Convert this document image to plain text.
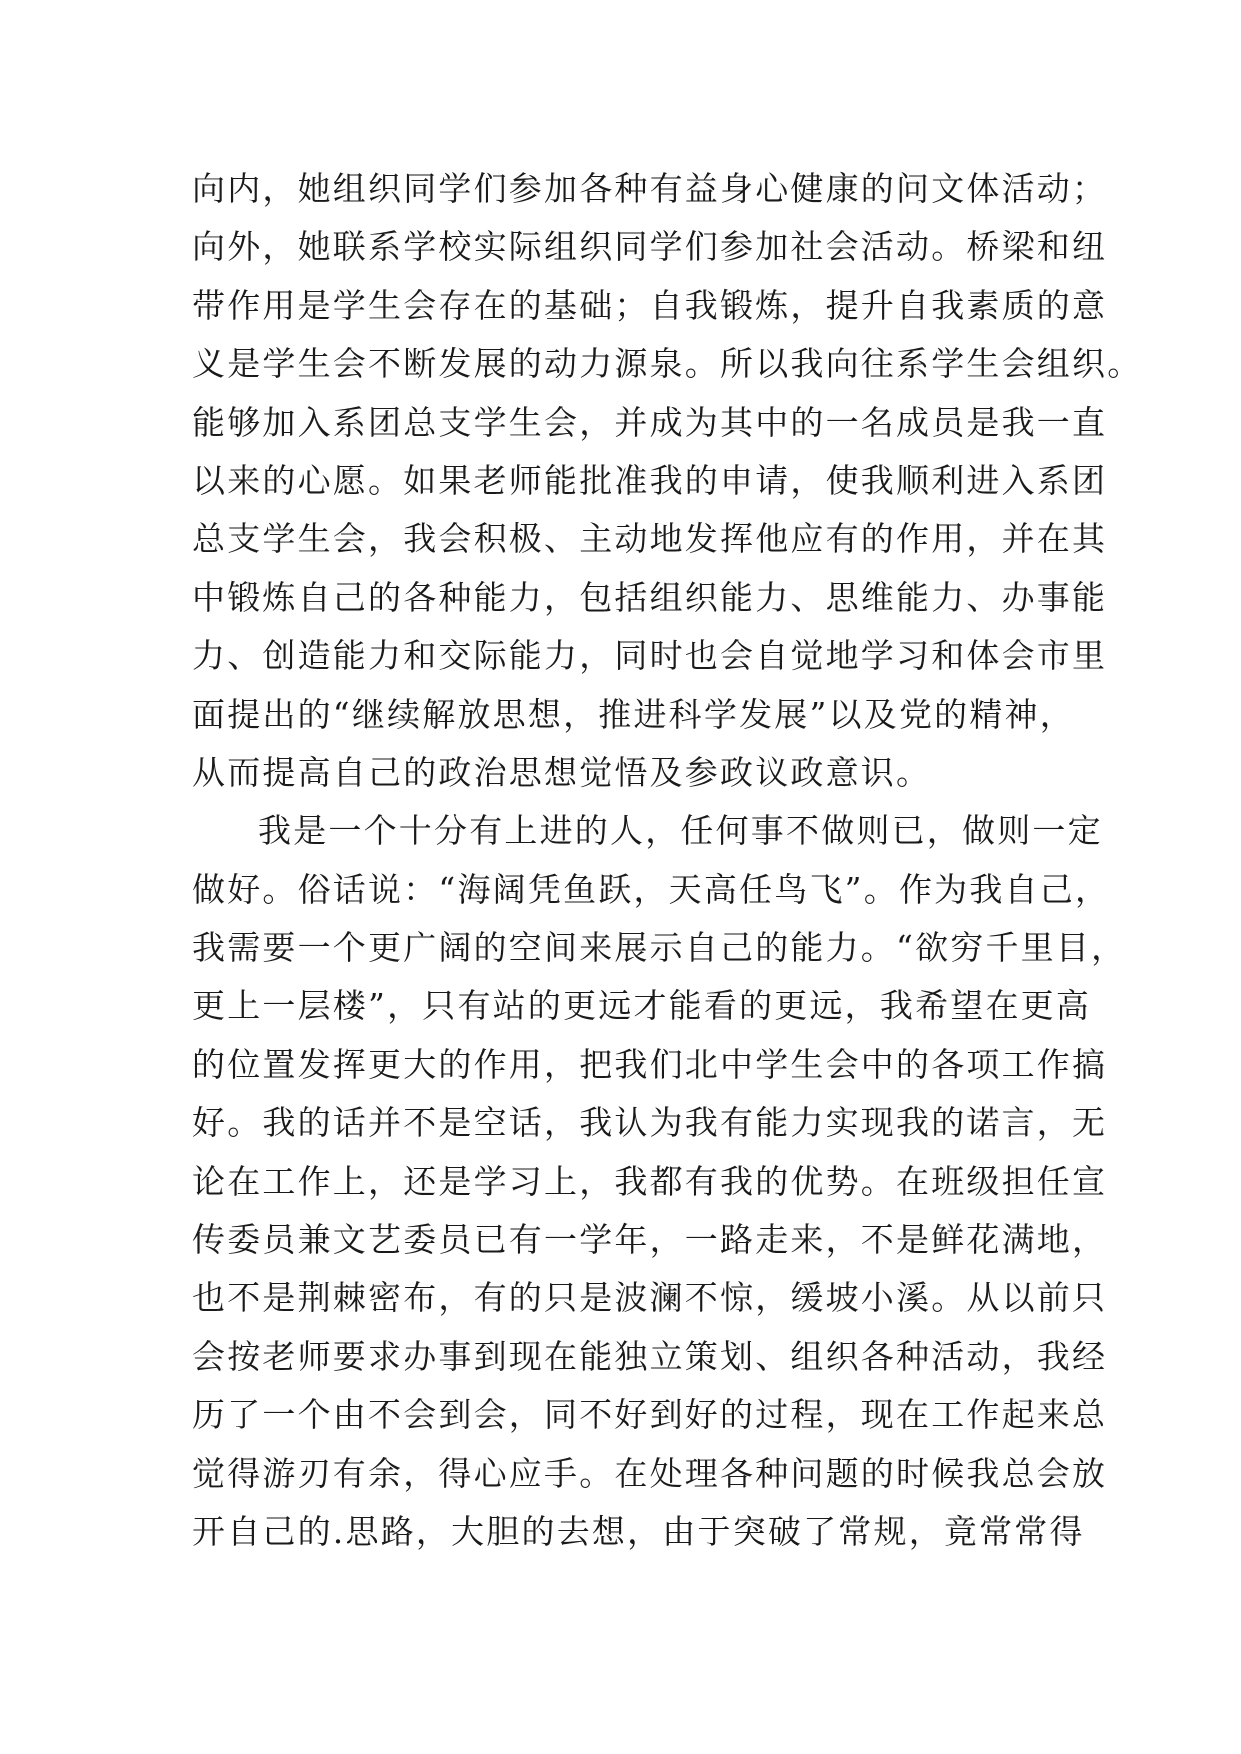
向内，她组织同学们参加各种有益身心健康的问文体活动；
向外，她联系学校实际组织同学们参加社会活动。桥梁和纽
带作用是学生会存在的基础；自我锻炼，提升自我素质的意
义是学生会不断发展的动力源泉。所以我向往系学生会组织。
能够加入系团总支学生会，并成为其中的一名成员是我一直
以来的心愿。如果老师能批准我的申请，使我顺利进入系团
总支学生会，我会积极、主动地发挥他应有的作用，并在其
中锻炼自己的各种能力，包括组织能力、思维能力、办事能
力、创造能力和交际能力，同时也会自觉地学习和体会市里
面提出的“继续解放思想，推进科学发展”以及党的精神，
从而提高自己的政治思想觉悟及参政议政意识。
我是一个十分有上进的人，任何事不做则已，做则一定
做好。俗话说：“海阔凭鱼跃，天高任鸟飞”。作为我自己，
我需要一个更广阔的空间来展示自己的能力。“欲穷千里目，
更上一层楼”，只有站的更远才能看的更远，我希望在更高
的位置发挥更大的作用，把我们北中学生会中的各项工作搞
好。我的话并不是空话，我认为我有能力实现我的诺言，无
论在工作上，还是学习上，我都有我的优势。在班级担任宣
传委员兼文艺委员已有一学年，一路走来，不是鲜花满地，
也不是荆棘密布，有的只是波澜不惊，缓坡小溪。从以前只
会按老师要求办事到现在能独立策划、组织各种活动，我经
历了一个由不会到会，同不好到好的过程，现在工作起来总
觉得游刃有余，得心应手。在处理各种问题的时候我总会放
开自己的.思路，大胆的去想，由于突破了常规，竟常常得
